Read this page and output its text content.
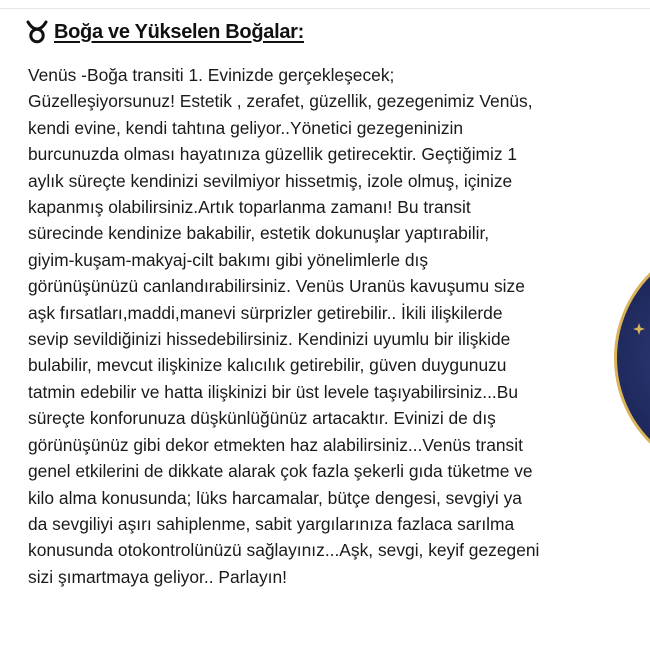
Boğa ve Yükselen Boğalar:
Venüs -Boğa transiti 1. Evinizde gerçekleşecek;
Güzelleşiyorsunuz! Estetik , zerafet, güzellik, gezegenimiz Venüs,
kendi evine, kendi tahtına geliyor..Yönetici gezegeninizin
burcunuzda olması hayatınıza güzellik getirecektir. Geçtiğimiz 1
aylık süreçte kendinizi sevilmiyor hissetmiş, izole olmuş, içinize
kapanmış olabilirsiniz.Artık toparlanma zamanı! Bu transit
sürecinde kendinize bakabilir, estetik dokunuşlar yaptırabilir,
giyim-kuşam-makyaj-cilt bakımı gibi yönelimlerle dış
görünüşünüzü canlandırabilirsiniz. Venüs Uranüs kavuşumu size
aşk fırsatları,maddi,manevi sürprizler getirebilir.. İkili ilişkilerde
sevip sevildiğinizi hissedebilirsiniz. Kendinizi uyumlu bir ilişkide
bulabilir, mevcut ilişkinize kalıcılık getirebilir, güven duygunuzu
tatmin edebilir ve hatta ilişkinizi bir üst levele taşıyabilirsiniz...Bu
süreçte konforunuza düşkünlüğünüz artacaktır. Evinizi de dış
görünüşünüz gibi dekor etmekten haz alabilirsiniz...Venüs transit
genel etkilerini de dikkate alarak çok fazla şekerli gıda tüketme ve
kilo alma konusunda; lüks harcamalar, bütçe dengesi, sevgiyi ya
da sevgiliyi aşırı sahiplenme, sabit yargılarınıza fazlaca sarılma
konusunda otokontrolünüzü sağlayınız...Aşk, sevgi, keyif gezegeni
sizi şımartmaya geliyor.. Parlayın!
